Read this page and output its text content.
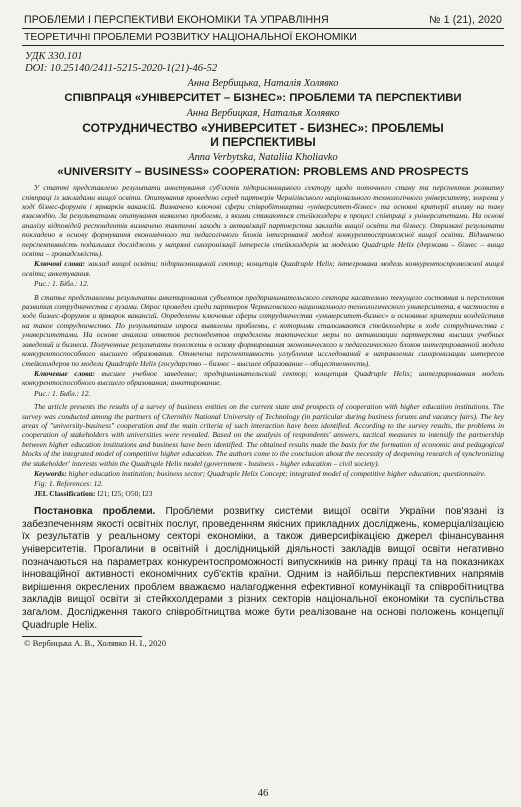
ПРОБЛЕМИ І ПЕРСПЕКТИВИ ЕКОНОМІКИ ТА УПРАВЛІННЯ	№ 1 (21), 2020
ТЕОРЕТИЧНІ ПРОБЛЕМИ РОЗВИТКУ НАЦІОНАЛЬНОЇ ЕКОНОМІКИ
УДК 330.101
DOI: 10.25140/2411-5215-2020-1(21)-46-52
Анна Вербицька, Наталія Холявко
СПІВПРАЦЯ «УНІВЕРСИТЕТ – БІЗНЕС»: ПРОБЛЕМИ ТА ПЕРСПЕКТИВИ
Анна Вербицкая, Наталья Холявко
СОТРУДНИЧЕСТВО «УНИВЕРСИТЕТ - БИЗНЕС»: ПРОБЛЕМЫ
И ПЕРСПЕКТИВЫ
Anna Verbytska, Nataliia Kholiavko
«UNIVERSITY – BUSINESS» COOPERATION: PROBLEMS AND PROSPECTS

У статті представлено результати анкетування суб'єктів підприємницького сектору щодо поточного стану та перспектив розвитку співпраці із закладами вищої освіти. Опитування проведено серед партнерів Чернігівського національного технологічного університету, зокрема у ході бізнес-форумів і ярмарків вакансій. Визначено ключові сфери співробітництва «університет-бізнес» та основні критерії впливу на таку взаємодію. За результатами опитування виявлено проблеми, з якими стикаються стейкхолдери в процесі співпраці з університетами. На основі аналізу відповідей респондентів визначено тактичні заходи з активізації партнерства закладів вищої освіти та бізнесу. Отримані результати покладено в основу формування економічного та педагогічного блоків інтегрованої моделі конкурентоспроможної вищої освіти. Відзначено перспективність подальших досліджень у напрямі синхронізації інтересів стейкхолдерів за моделлю Quadruple Helix (держава – бізнес – вища освіта – громадськість).

Ключові слова: заклад вищої освіти; підприємницький сектор; концепція Quadruple Helix; інтегрована модель конкурентоспроможної вищої освіти; анкетування.

Рис.: 1. Бібл.: 12.

В статье представлены результаты анкетирования субъектов предпринимательского сектора касательно текущего состояния и перспектив развития сотрудничества с вузами. Опрос проведен среди партнеров Черниговского национального технологического университета, в частности в ходе бизнес-форумов и ярмарок вакансий. Определены ключевые сферы сотрудничества «университет-бизнес» и основные критерии воздействия на такое сотрудничество. По результатам опроса выявлены проблемы, с которыми сталкиваются стейкхолдеры в ходе сотрудничества с университетами. На основе анализа ответов респондентов определены тактические меры по активизации партнерства высших учебных заведений и бизнеса. Полученные результаты положены в основу формирования экономического и педагогического блоков интегрированной модели конкурентоспособного высшего образования. Отмечена перспективность углубления исследований в направлении синхронизации интересов стейкхолдеров по модели Quadruple Helix (государство – бизнес – высшее образование – общественность).

Ключевые слова: высшее учебное заведение; предпринимательский сектор; концепция Quadruple Helix; интегрированная модель конкурентоспособного высшего образования; анкетирование.

Рис.: 1. Библ.: 12.

The article presents the results of a survey of business entities on the current state and prospects of cooperation with higher education institutions. The survey was conducted among the partners of Chernihiv National University of Technology (in particular during business forums and vacancy fairs). The key areas of "university-business" cooperation and the main criteria of such interaction have been identified. According to the survey results, the problems in cooperation of stakeholders with universities were revealed. Based on the analysis of respondents' answers, tactical measures to intensify the partnership between higher education institutions and business have been identified. The obtained results made the basis for the formation of economic and pedagogical blocks of the integrated model of competitive higher education. The authors come to the conclusion about the necessity of deepening research of synchronizing the stakeholder' interests within the Quadruple Helix model (government - business - higher education – civil society).

Keywords: higher education institution; business sector; Quadruple Helix Concept; integrated model of competitive higher education; questionnaire.

Fig: 1. References: 12.

JEL Classification: I21; I25; O50; I23

Постановка проблеми. Проблеми розвитку системи вищої освіти України пов'язані із забезпеченням якості освітніх послуг, проведенням якісних прикладних досліджень, комерціалізацією їх результатів у реальному секторі економіки, а також диверсифікацією джерел фінансування університетів. Прогалини в освітній і дослідницькій діяльності закладів вищої освіти негативно позначаються на параметрах конкурентоспроможності випускників на ринку праці та на показниках інноваційної активності економічних суб'єктів країни. Одним із найбільш перспективних напрямів вирішення окреслених проблем вважаємо налагодження ефективної комунікації та співробітництва закладів вищої освіти зі стейкхолдерами з різних секторів національної економіки та суспільства загалом. Дослідження такого співробітництва може бути реалізоване на основі положень концепції Quadruple Helix.

© Вербицька А. В., Холявко Н. І., 2020
46
